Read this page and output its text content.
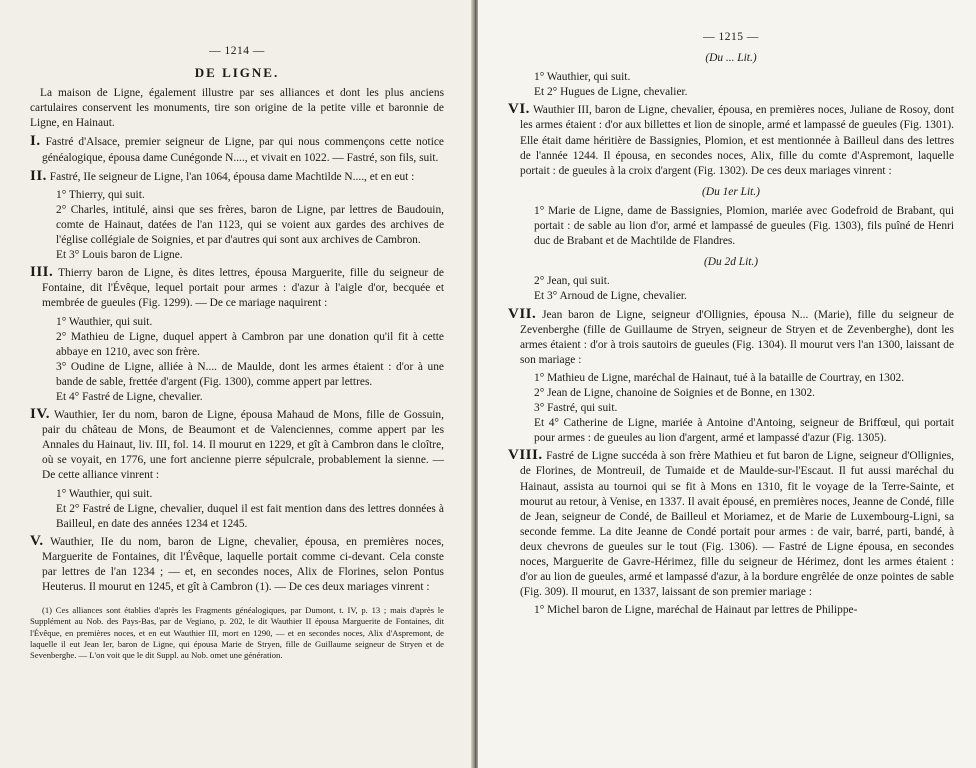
— 1214 —
DE LIGNE.

La maison de Ligne, également illustre par ses alliances et dont les plus anciens cartulaires conservent les monuments, tire son origine de la petite ville et baronnie de Ligne, en Hainaut.

I. Fastré d'Alsace, premier seigneur de Ligne, par qui nous commençons cette notice généalogique, épousa dame Cunégonde N...., et vivait en 1022. — Fastré, son fils, suit.

II. Fastré, IIe seigneur de Ligne, l'an 1064, épousa dame Machtilde N...., et en eut :

1° Thierry, qui suit.

2° Charles, intitulé, ainsi que ses frères, baron de Ligne, par lettres de Baudouin, comte de Hainaut, datées de l'an 1123, qui se voient aux gardes des archives de l'église collégiale de Soignies, et par d'autres qui sont aux archives de Cambron.

Et 3° Louis baron de Ligne.

III. Thierry baron de Ligne, ès dites lettres, épousa Marguerite, fille du seigneur de Fontaine, dit l'Évêque, lequel portait pour armes : d'azur à l'aigle d'or, becquée et membrée de gueules (Fig. 1299). — De ce mariage naquirent :

1° Wauthier, qui suit.

2° Mathieu de Ligne, duquel appert à Cambron par une donation qu'il fit à cette abbaye en 1210, avec son frère.

3° Oudine de Ligne, alliée à N.... de Maulde, dont les armes étaient : d'or à une bande de sable, frettée d'argent (Fig. 1300), comme appert par lettres.

Et 4° Fastré de Ligne, chevalier.

IV. Wauthier, Ier du nom, baron de Ligne, épousa Mahaud de Mons, fille de Gossuin, pair du château de Mons, de Beaumont et de Valenciennes, comme appert par les Annales du Hainaut, liv. III, fol. 14. Il mourut en 1229, et gît à Cambron dans le cloître, où se voyait, en 1776, une fort ancienne pierre sépulcrale, probablement la sienne. — De cette alliance vinrent :

1° Wauthier, qui suit.

Et 2° Fastré de Ligne, chevalier, duquel il est fait mention dans des lettres données à Bailleul, en date des années 1234 et 1245.

V. Wauthier, IIe du nom, baron de Ligne, chevalier, épousa, en premières noces, Marguerite de Fontaines, dit l'Évêque, laquelle portait comme ci-devant. Cela conste par lettres de l'an 1234 ; — et, en secondes noces, Alix de Florines, selon Pontus Heuterus. Il mourut en 1245, et gît à Cambron (1). — De ces deux mariages vinrent :

(1) Ces alliances sont établies d'après les Fragments généalogiques, par Dumont, t. IV, p. 13 ; mais d'après le Supplément au Nob. des Pays-Bas, par de Vegiano, p. 202, le dit Wauthier II épousa Marguerite de Fontaines, dit l'Évêque, en premières noces, et en eut Wauthier III, mort en 1290, — et en secondes noces, Alix d'Aspremont, de laquelle il eut Jean Ier, baron de Ligne, qui épousa Marie de Stryen, fille de Guillaume seigneur de Stryen et de Sevenberghe. — L'on voit que le dit Suppl. au Nob. omet une génération.

— 1215 —
(Du ... Lit.)

1° Wauthier, qui suit.

Et 2° Hugues de Ligne, chevalier.

VI. Wauthier III, baron de Ligne, chevalier, épousa, en premières noces, Juliane de Rosoy, dont les armes étaient : d'or aux billettes et lion de sinople, armé et lampassé de gueules (Fig. 1301). Elle était dame héritière de Bassignies, Plomion, et est mentionnée à Bailleul dans des lettres de l'année 1244. Il épousa, en secondes noces, Alix, fille du comte d'Aspremont, laquelle portait : de gueules à la croix d'argent (Fig. 1302). De ces deux mariages vinrent :

(Du 1er Lit.)

1° Marie de Ligne, dame de Bassignies, Plomion, mariée avec Godefroid de Brabant, qui portait : de sable au lion d'or, armé et lampassé de gueules (Fig. 1303), fils puîné de Henri duc de Brabant et de Machtilde de Flandres.

(Du 2d Lit.)

2° Jean, qui suit.

Et 3° Arnoud de Ligne, chevalier.

VII. Jean baron de Ligne, seigneur d'Ollignies, épousa N... (Marie), fille du seigneur de Zevenberghe (fille de Guillaume de Stryen, seigneur de Stryen et de Zevenberghe), dont les armes étaient : d'or à trois sautoirs de gueules (Fig. 1304). Il mourut vers l'an 1300, laissant de son mariage :

1° Mathieu de Ligne, maréchal de Hainaut, tué à la bataille de Courtray, en 1302.

2° Jean de Ligne, chanoine de Soignies et de Bonne, en 1302.

3° Fastré, qui suit.

Et 4° Catherine de Ligne, mariée à Antoine d'Antoing, seigneur de Briffœul, qui portait pour armes : de gueules au lion d'argent, armé et lampassé d'azur (Fig. 1305).

VIII. Fastré de Ligne succéda à son frère Mathieu et fut baron de Ligne, seigneur d'Ollignies, de Florines, de Montreuil, de Tumaide et de Maulde-sur-l'Escaut. Il fut aussi maréchal du Hainaut, assista au tournoi qui se fit à Mons en 1310, fit le voyage de la Terre-Sainte, et mourut au retour, à Venise, en 1337. Il avait épousé, en premières noces, Jeanne de Condé, fille de Jean, seigneur de Condé, de Bailleul et Moriamez, et de Marie de Luxembourg-Ligni, sa seconde femme. La dite Jeanne de Condé portait pour armes : de vair, barré, parti, bandé, à deux chevrons de gueules sur le tout (Fig. 1306). — Fastré de Ligne épousa, en secondes noces, Marguerite de Gavre-Hérimez, fille du seigneur de Hérimez, dont les armes étaient : d'or au lion de gueules, armé et lampassé d'azur, à la bordure engrêlée de onze pointes de sable (Fig. 309). Il mourut, en 1337, laissant de son premier mariage :

1° Michel baron de Ligne, maréchal de Hainaut par lettres de Philippe-
